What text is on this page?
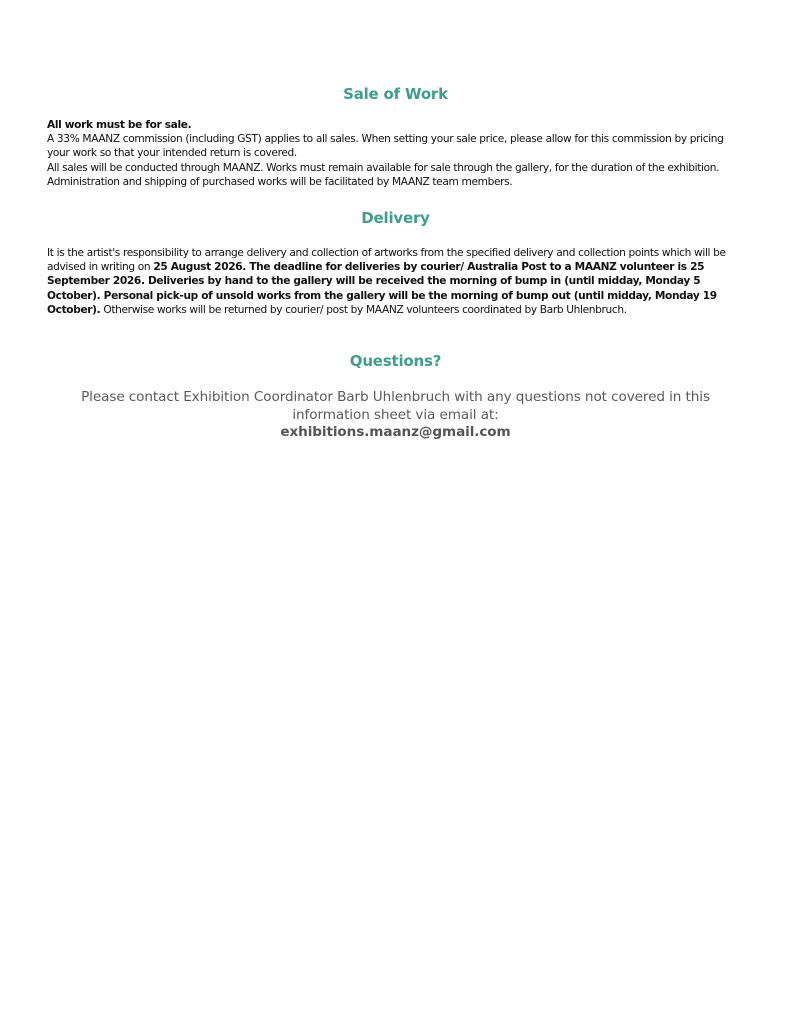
Sale of Work

All work must be for sale.

A 33% MAANZ commission (including GST) applies to all sales. When setting your sale price, please allow for this commission by pricing your work so that your intended return is covered.

All sales will be conducted through MAANZ. Works must remain available for sale through the gallery, for the duration of the exhibition. Administration and shipping of purchased works will be facilitated by MAANZ team members.

Delivery

It is the artist's responsibility to arrange delivery and collection of artworks from the specified delivery and collection points which will be advised in writing on 25 August 2026. The deadline for deliveries by courier/ Australia Post to a MAANZ volunteer is 25 September 2026. Deliveries by hand to the gallery will be received the morning of bump in (until midday, Monday 5 October). Personal pick-up of unsold works from the gallery will be the morning of bump out (until midday, Monday 19 October). Otherwise works will be returned by courier/ post by MAANZ volunteers coordinated by Barb Uhlenbruch.

Questions?
Please contact Exhibition Coordinator Barb Uhlenbruch with any questions not covered in this information sheet via email at:
exhibitions.maanz@gmail.com
